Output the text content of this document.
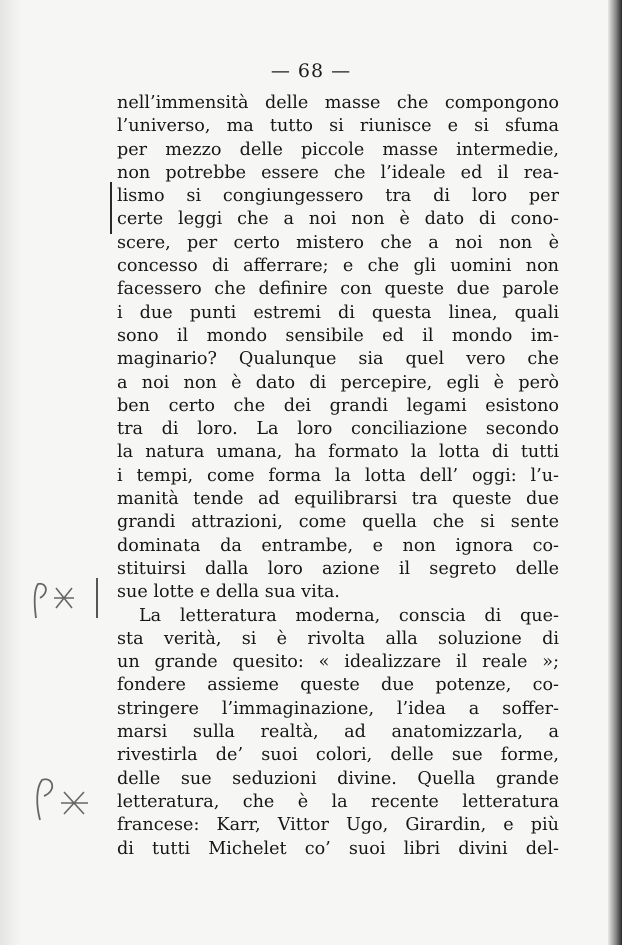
— 68 —
nell’immensità delle masse che compongono
l’universo, ma tutto si riunisce e si sfuma
per mezzo delle piccole masse intermedie,
non potrebbe essere che l’ideale ed il rea-
lismo si congiungessero tra di loro per
certe leggi che a noi non è dato di cono-
scere, per certo mistero che a noi non è
concesso di afferrare; e che gli uomini non
facessero che definire con queste due parole
i due punti estremi di questa linea, quali
sono il mondo sensibile ed il mondo im-
maginario? Qualunque sia quel vero che
a noi non è dato di percepire, egli è però
ben certo che dei grandi legami esistono
tra di loro. La loro conciliazione secondo
la natura umana, ha formato la lotta di tutti
i tempi, come forma la lotta dell’ oggi: l’u-
manità tende ad equilibrarsi tra queste due
grandi attrazioni, come quella che si sente
dominata da entrambe, e non ignora co-
stituirsi dalla loro azione il segreto delle
sue lotte e della sua vita.
La letteratura moderna, conscia di que-
sta verità, si è rivolta alla soluzione di
un grande quesito: « idealizzare il reale »;
fondere assieme queste due potenze, co-
stringere l’immaginazione, l’idea a soffer-
marsi sulla realtà, ad anatomizzarla, a
rivestirla de’ suoi colori, delle sue forme,
delle sue seduzioni divine. Quella grande
letteratura, che è la recente letteratura
francese: Karr, Vittor Ugo, Girardin, e più
di tutti Michelet co’ suoi libri divini del-
